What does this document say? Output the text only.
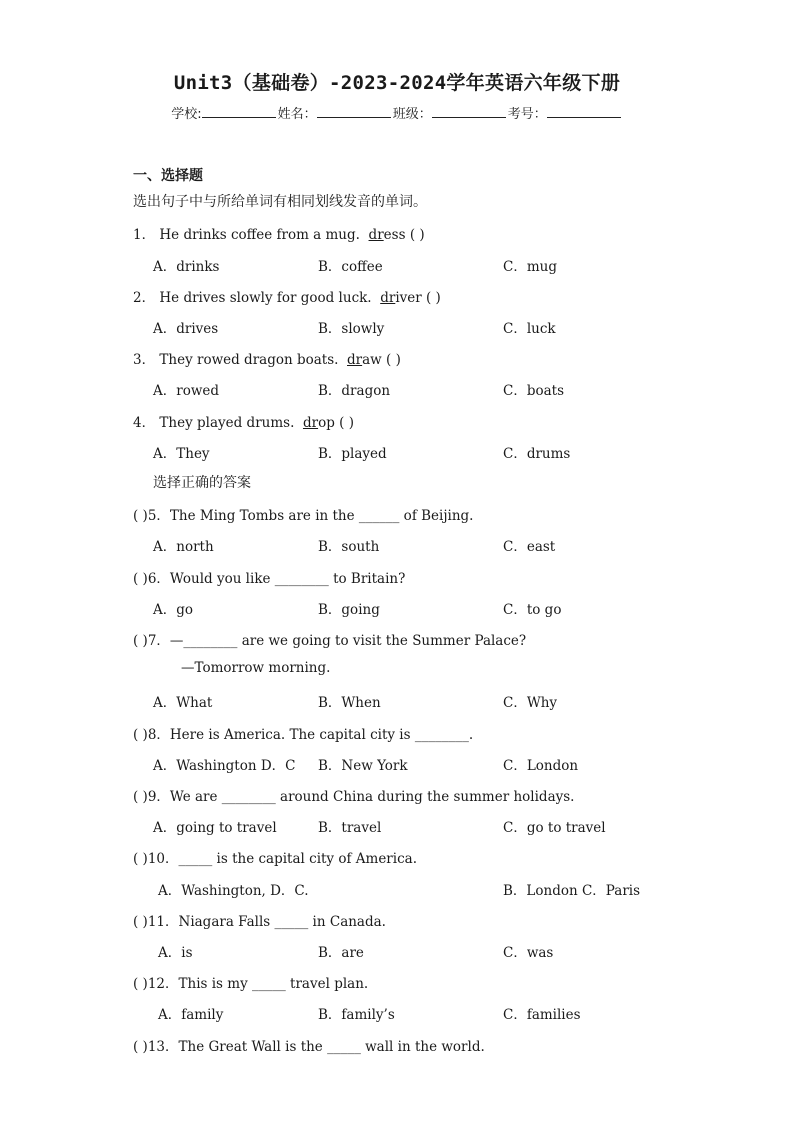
Unit3（基础卷）-2023-2024学年英语六年级下册
学校:	姓名：	班级：	考号：
一、选择题
选出句子中与所给单词有相同划线发音的单词。
1． He drinks coffee from a mug. dress ( )
A．drinks	B．coffee	C．mug
2． He drives slowly for good luck. driver ( )
A．drives	B．slowly	C．luck
3． They rowed dragon boats. draw ( )
A．rowed	B．dragon	C．boats
4． They played drums. drop ( )
A．They	B．played	C．drums
选择正确的答案
( )5．The Ming Tombs are in the ______ of Beijing.
A．north	B．south	C．east
( )6．Would you like ________ to Britain?
A．go	B．going	C．to go
( )7．—________ are we going to visit the Summer Palace?
—Tomorrow morning.
A．What	B．When	C．Why
( )8．Here is America. The capital city is ________.
A．Washington D．C B．New York	C．London
( )9．We are ________ around China during the summer holidays.
A．going to travel	B．travel	C．go to travel
( )10．_____ is the capital city of America.
A．Washington, D．C.	B．London C．Paris
( )11．Niagara Falls _____ in Canada.
A．is	B．are	C．was
( )12．This is my _____ travel plan.
A．family	B．family’s	C．families
( )13．The Great Wall is the _____ wall in the world.
